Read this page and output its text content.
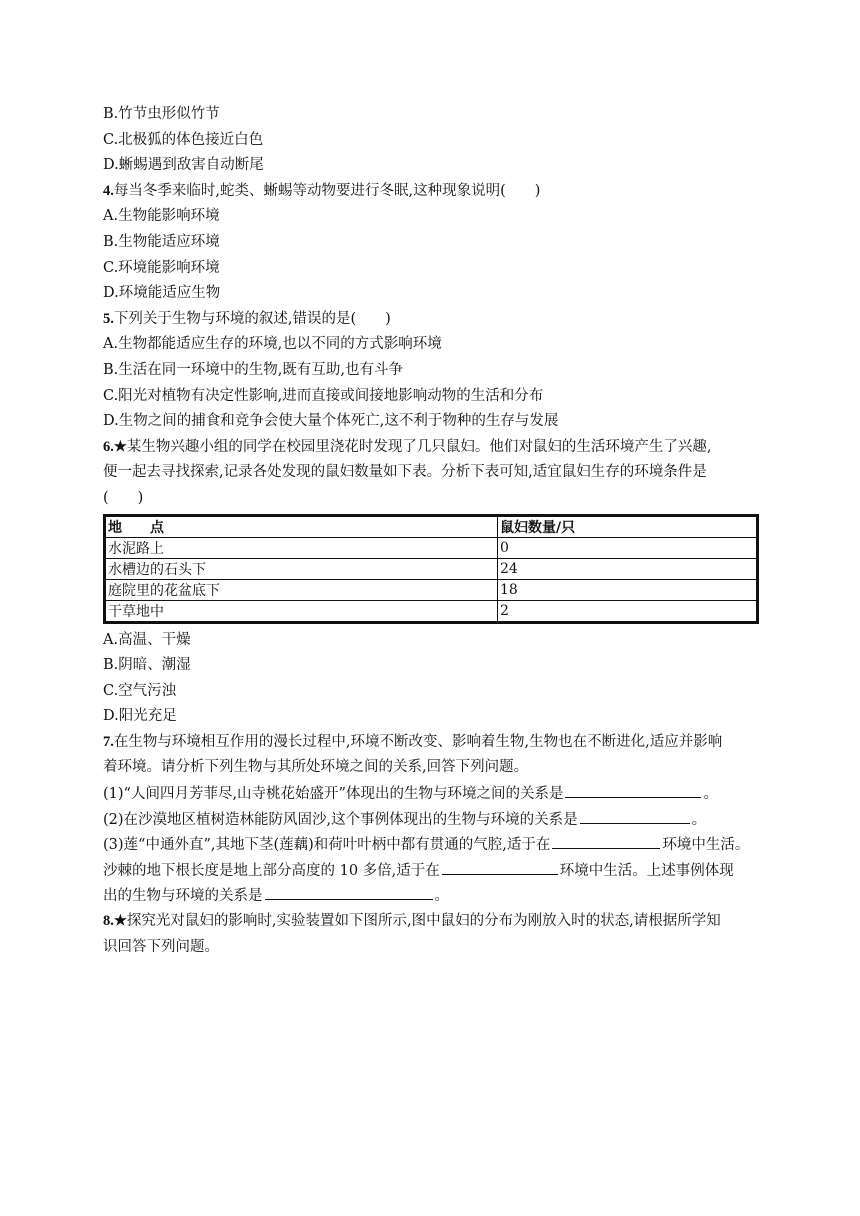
B.竹节虫形似竹节
C.北极狐的体色接近白色
D.蜥蜴遇到敌害自动断尾
4.每当冬季来临时,蛇类、蜥蜴等动物要进行冬眠,这种现象说明(　　)
A.生物能影响环境
B.生物能适应环境
C.环境能影响环境
D.环境能适应生物
5.下列关于生物与环境的叙述,错误的是(　　)
A.生物都能适应生存的环境,也以不同的方式影响环境
B.生活在同一环境中的生物,既有互助,也有斗争
C.阳光对植物有决定性影响,进而直接或间接地影响动物的生活和分布
D.生物之间的捕食和竞争会使大量个体死亡,这不利于物种的生存与发展
6.★某生物兴趣小组的同学在校园里浇花时发现了几只鼠妇。他们对鼠妇的生活环境产生了兴趣,
便一起去寻找探索,记录各处发现的鼠妇数量如下表。分析下表可知,适宜鼠妇生存的环境条件是
(　　)
地　　点	鼠妇数量/只
水泥路上	0
水槽边的石头下	24
庭院里的花盆底下	18
干草地中	2
A.高温、干燥
B.阴暗、潮湿
C.空气污浊
D.阳光充足
7.在生物与环境相互作用的漫长过程中,环境不断改变、影响着生物,生物也在不断进化,适应并影响
着环境。请分析下列生物与其所处环境之间的关系,回答下列问题。
(1)“人间四月芳菲尽,山寺桃花始盛开”体现出的生物与环境之间的关系是	。
(2)在沙漠地区植树造林能防风固沙,这个事例体现出的生物与环境的关系是	。
(3)莲“中通外直”,其地下茎(莲藕)和荷叶叶柄中都有贯通的气腔,适于在	环境中生活。
沙棘的地下根长度是地上部分高度的 10 多倍,适于在	环境中生活。上述事例体现
出的生物与环境的关系是	。
8.★探究光对鼠妇的影响时,实验装置如下图所示,图中鼠妇的分布为刚放入时的状态,请根据所学知
识回答下列问题。
